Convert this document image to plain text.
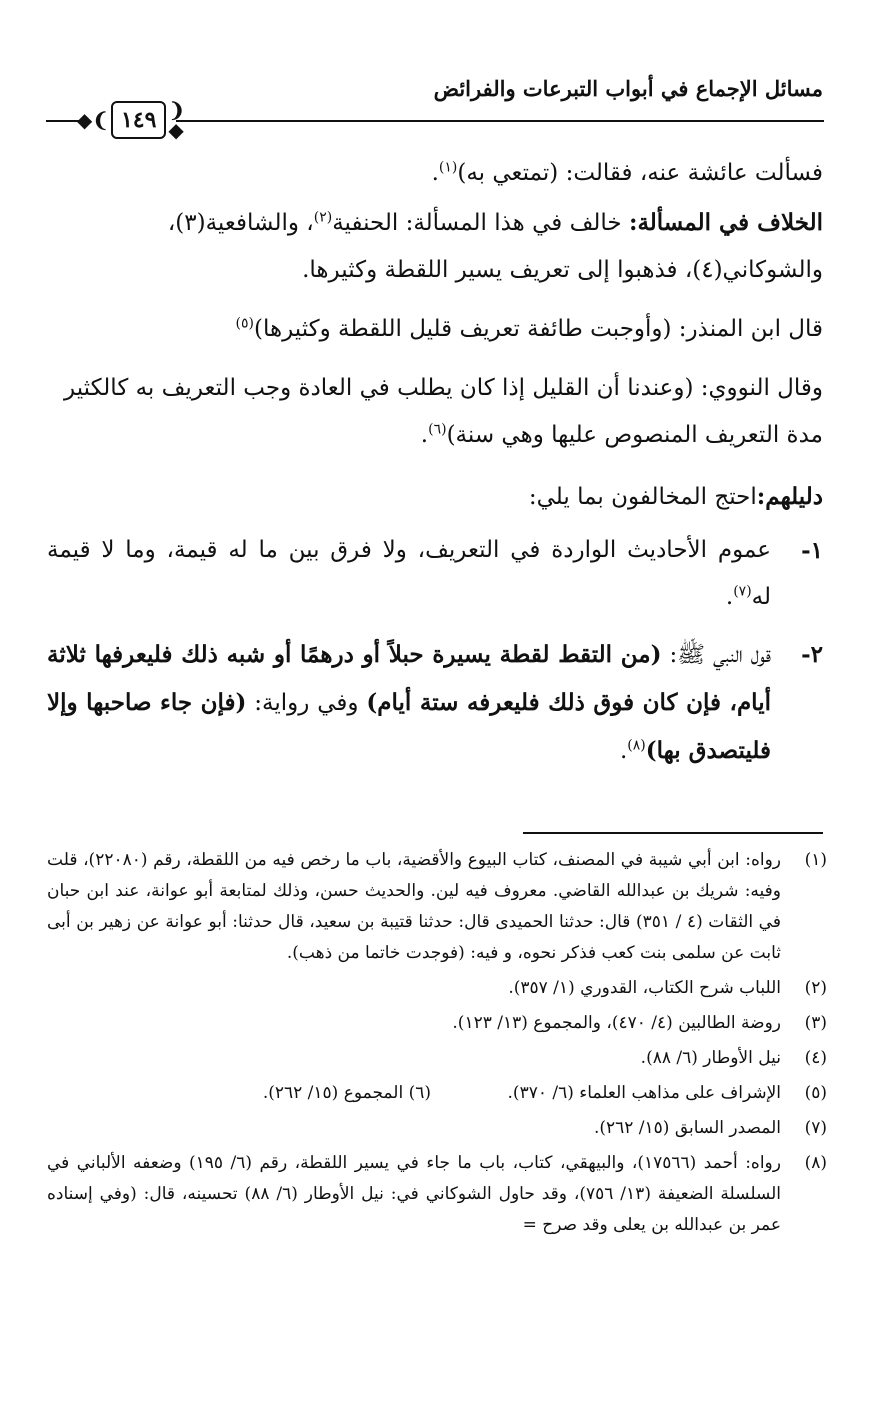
مسائل الإجماع في أبواب التبرعات والفرائض
◆❨ ١٤٩ ❩◆

فسألت عائشة عنه، فقالت: (تمتعي به)$^{(١)}$.

الخلاف في المسألة: خالف في هذا المسألة: الحنفية$^{(٢)}$، والشافعية(٣)، والشوكاني(٤)، فذهبوا إلى تعريف يسير اللقطة وكثيرها.

قال ابن المنذر: (وأوجبت طائفة تعريف قليل اللقطة وكثيرها)$^{(٥)}$

وقال النووي: (وعندنا أن القليل إذا كان يطلب في العادة وجب التعريف به كالكثير مدة التعريف المنصوص عليها وهي سنة)$^{(٦)}$.

دليلهم:احتج المخالفون بما يلي:

١-
عموم الأحاديث الواردة في التعريف، ولا فرق بين ما له قيمة، وما لا قيمة له$^{(٧)}$.
٢-
قول النبي ﷺ: (من التقط لقطة يسيرة حبلاً أو درهمًا أو شبه ذلك فليعرفها ثلاثة أيام، فإن كان فوق ذلك فليعرفه ستة أيام) وفي رواية: (فإن جاء صاحبها وإلا فليتصدق بها)$^{(٨)}$.
(١)
رواه: ابن أبي شيبة في المصنف، كتاب البيوع والأقضية، باب ما رخص فيه من اللقطة، رقم (٢٢٠٨٠)، قلت وفيه: شريك بن عبدالله القاضي. معروف فيه لين. والحديث حسن، وذلك لمتابعة أبو عوانة، عند ابن حبان في الثقات (٤ / ٣٥١) قال: حدثنا الحميدى قال: حدثنا قتيبة بن سعيد، قال حدثنا: أبو عوانة عن زهير بن أبى ثابت عن سلمى بنت كعب فذكر نحوه، و فيه: (فوجدت خاتما من ذهب).
(٢)
اللباب شرح الكتاب، القدوري (١/ ٣٥٧).
(٣)
روضة الطالبين (٤/ ٤٧٠)، والمجموع (١٣/ ١٢٣).
(٤)
نيل الأوطار (٦/ ٨٨).
(٥)
الإشراف على مذاهب العلماء (٦/ ٣٧٠).
(٦) المجموع (١٥/ ٢٦٢).
(٧)
المصدر السابق (١٥/ ٢٦٢).
(٨)
رواه: أحمد (١٧٥٦٦)، والبيهقي، كتاب، باب ما جاء في يسير اللقطة، رقم (٦/ ١٩٥) وضعفه الألباني في السلسلة الضعيفة (١٣/ ٧٥٦)، وقد حاول الشوكاني في: نيل الأوطار (٦/ ٨٨) تحسينه، قال: (وفي إسناده عمر بن عبدالله بن يعلى وقد صرح =
